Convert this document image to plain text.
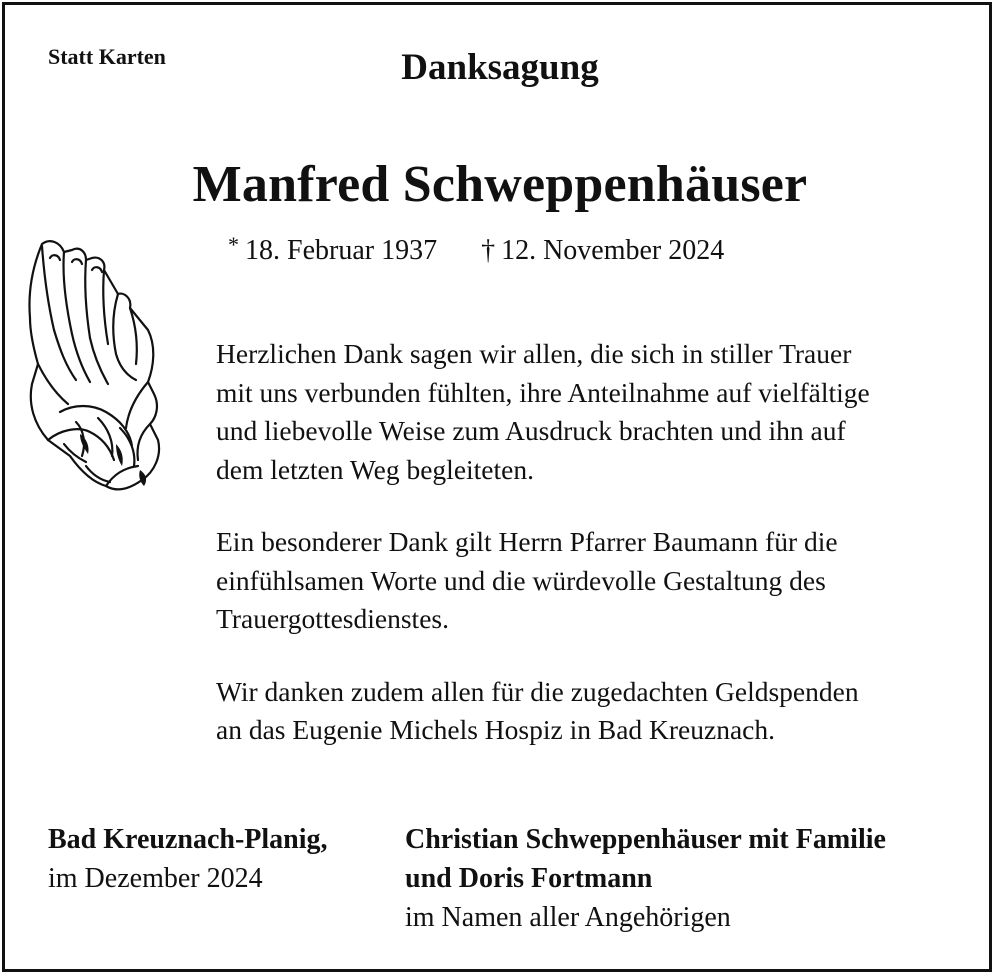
Statt Karten	Danksagung
Manfred Schweppenhäuser
* 18. Februar 1937 † 12. November 2024

Herzlichen Dank sagen wir allen, die sich in stiller Trauer
mit uns verbunden fühlten, ihre Anteilnahme auf vielfältige
und liebevolle Weise zum Ausdruck brachten und ihn auf
dem letzten Weg begleiteten.

Ein besonderer Dank gilt Herrn Pfarrer Baumann für die
einfühlsamen Worte und die würdevolle Gestaltung des
Trauergottesdienstes.

Wir danken zudem allen für die zugedachten Geldspenden
an das Eugenie Michels Hospiz in Bad Kreuznach.

Bad Kreuznach-Planig,
im Dezember 2024
Christian Schweppenhäuser mit Familie
und Doris Fortmann
im Namen aller Angehörigen
